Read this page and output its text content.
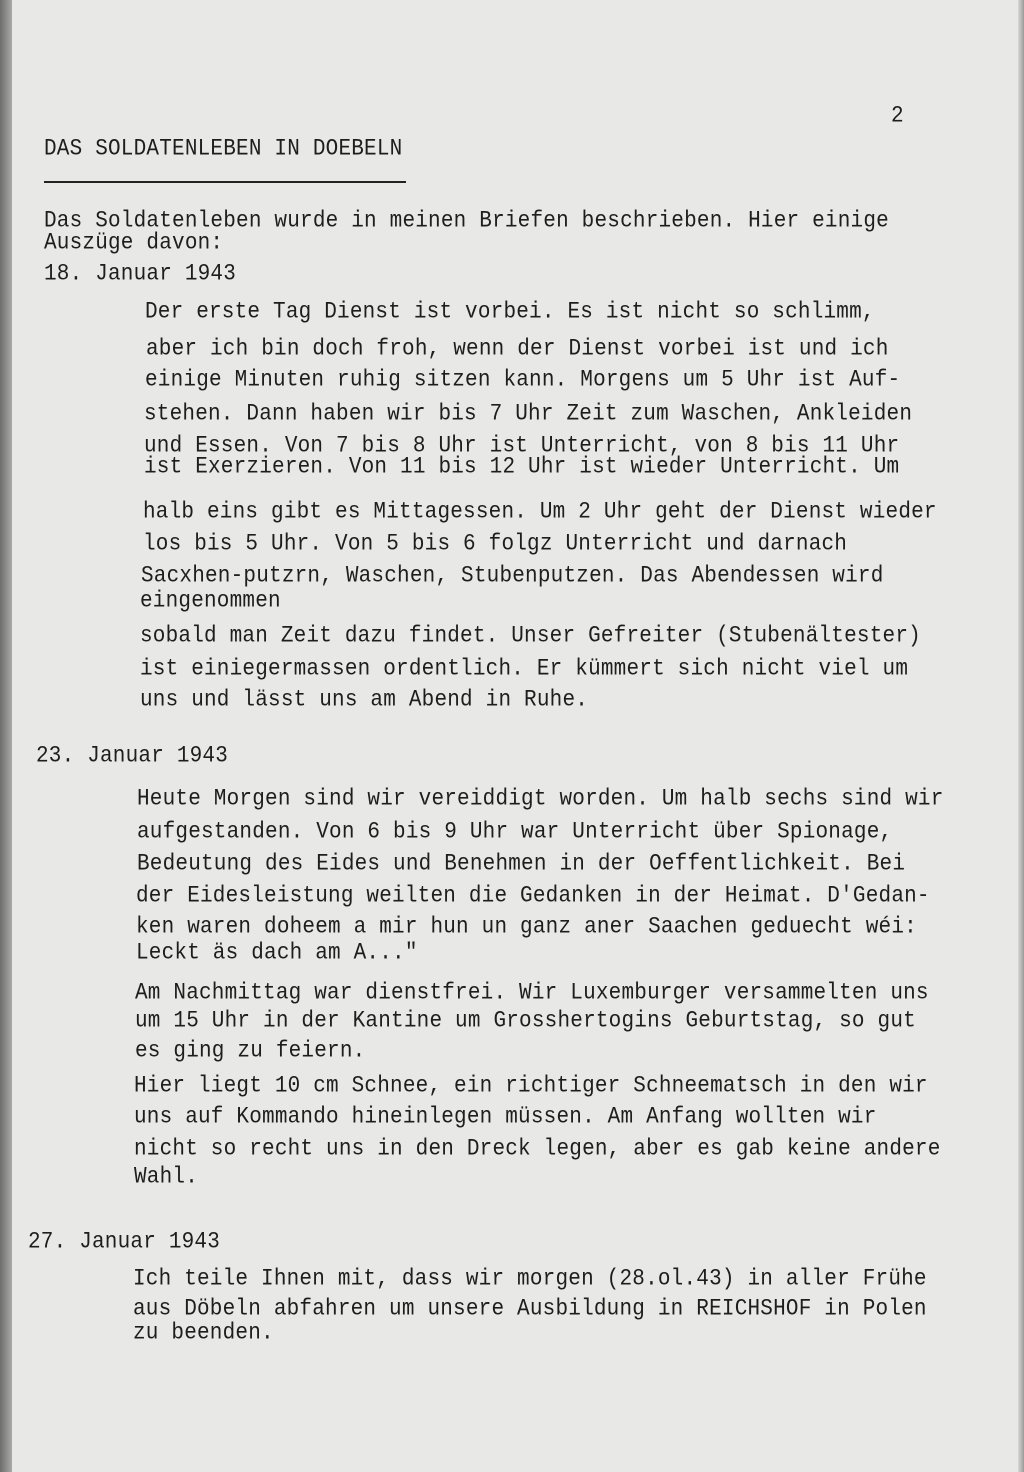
2
DAS SOLDATENLEBEN IN DOEBELN
Das Soldatenleben wurde in meinen Briefen beschrieben. Hier einige
Auszüge davon:
18. Januar 1943
Der erste Tag Dienst ist vorbei. Es ist nicht so schlimm,
aber ich bin doch froh, wenn der Dienst vorbei ist und ich
einige Minuten ruhig sitzen kann. Morgens um 5 Uhr ist Auf-
stehen. Dann haben wir bis 7 Uhr Zeit zum Waschen, Ankleiden
und Essen. Von 7 bis 8 Uhr ist Unterricht, von 8 bis 11 Uhr
ist Exerzieren. Von 11 bis 12 Uhr ist wieder Unterricht. Um
halb eins gibt es Mittagessen. Um 2 Uhr geht der Dienst wieder
los bis 5 Uhr. Von 5 bis 6 folgz Unterricht und darnach
Sacxhen-putzrn, Waschen, Stubenputzen. Das Abendessen wird
eingenommen
sobald man Zeit dazu findet. Unser Gefreiter (Stubenältester)
ist einiegermassen ordentlich. Er kümmert sich nicht viel um
uns und lässt uns am Abend in Ruhe.
23. Januar 1943
Heute Morgen sind wir vereiddigt worden. Um halb sechs sind wir
aufgestanden. Von 6 bis 9 Uhr war Unterricht über Spionage,
Bedeutung des Eides und Benehmen in der Oeffentlichkeit. Bei
der Eidesleistung weilten die Gedanken in der Heimat. D'Gedan-
ken waren doheem a mir hun un ganz aner Saachen geduecht wéi:
Leckt äs dach am A..."
Am Nachmittag war dienstfrei. Wir Luxemburger versammelten uns
um 15 Uhr in der Kantine um Grosshertogins Geburtstag, so gut
es ging zu feiern.
Hier liegt 10 cm Schnee, ein richtiger Schneematsch in den wir
uns auf Kommando hineinlegen müssen. Am Anfang wollten wir
nicht so recht uns in den Dreck legen, aber es gab keine andere
Wahl.
27. Januar 1943
Ich teile Ihnen mit, dass wir morgen (28.ol.43) in aller Frühe
aus Döbeln abfahren um unsere Ausbildung in REICHSHOF in Polen
zu beenden.
